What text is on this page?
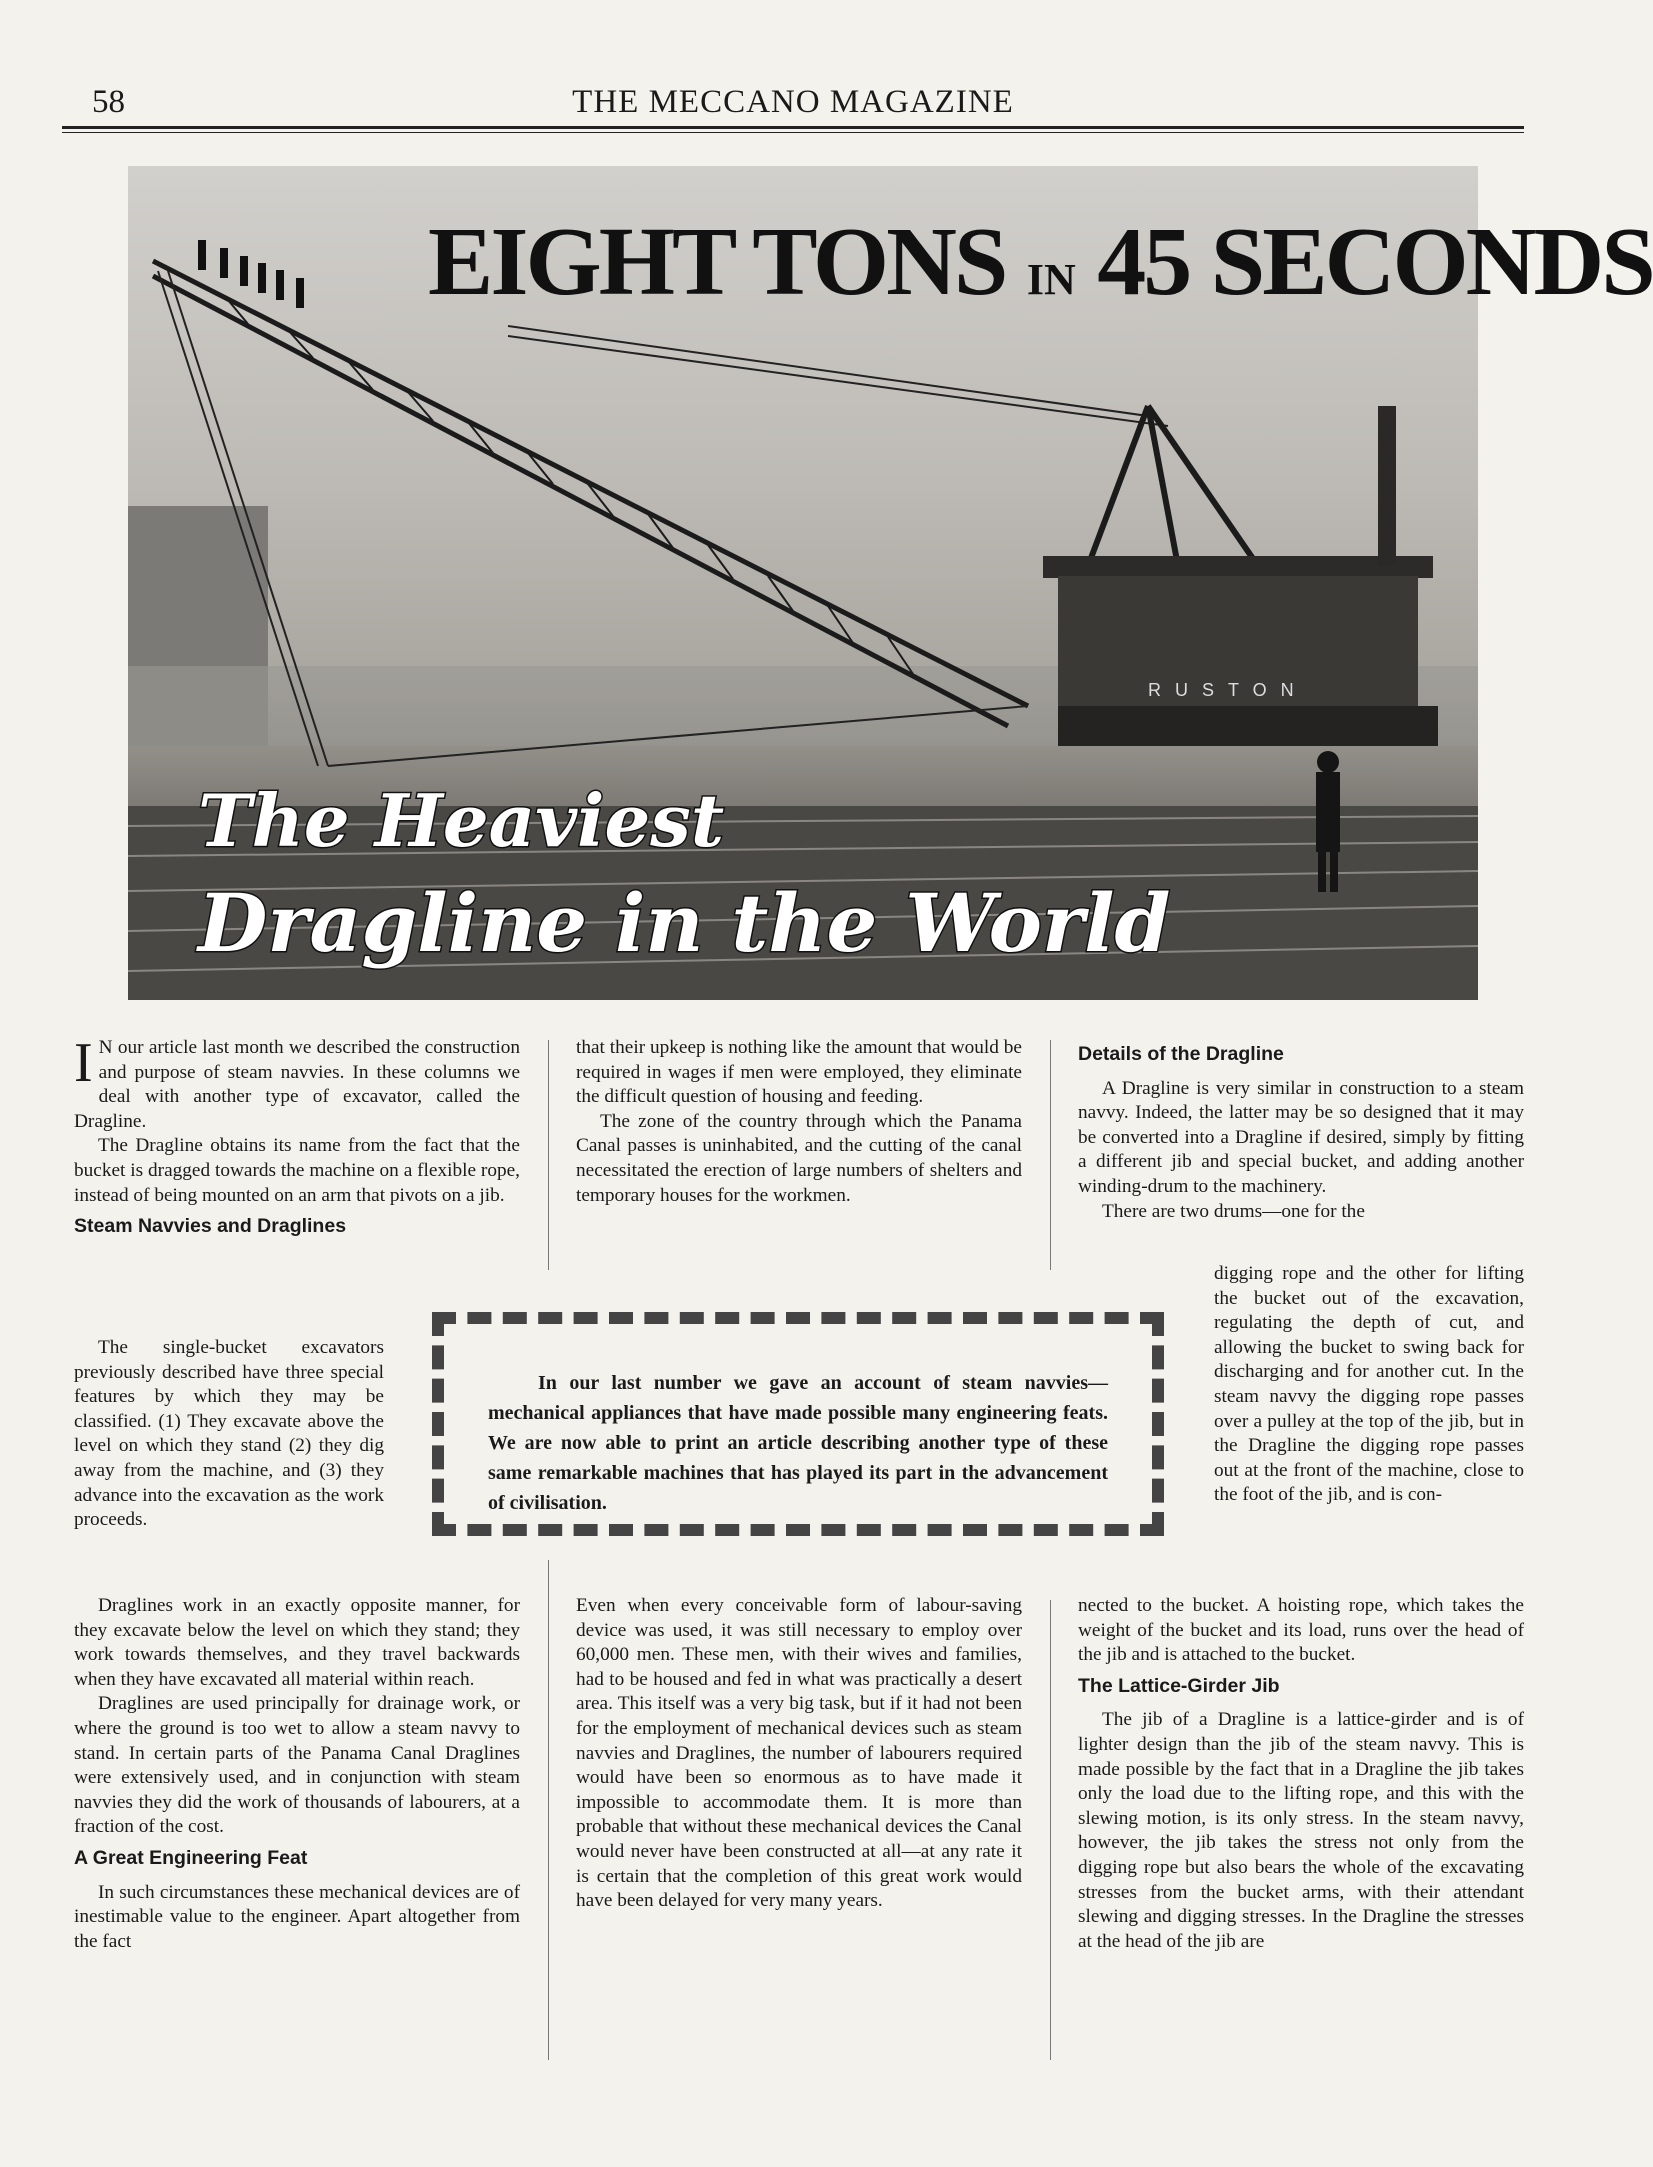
THE MECCANO MAGAZINE
58
RUSTON
EIGHT TONS IN 45 SECONDS
The Heaviest
Dragline in the World

I N our article last month we described the construction and purpose of steam navvies. In these columns we deal with another type of excavator, called the Dragline.

The Dragline obtains its name from the fact that the bucket is dragged towards the machine on a flexible rope, instead of being mounted on an arm that pivots on a jib.

Steam Navvies and Draglines

The single-bucket excavators previously described have three special features by which they may be classified. (1) They excavate above the level on which they stand (2) they dig away from the machine, and (3) they advance into the excavation as the work proceeds.

Draglines work in an exactly opposite manner, for they excavate below the level on which they stand; they work towards themselves, and they travel backwards when they have excavated all material within reach.

Draglines are used principally for drainage work, or where the ground is too wet to allow a steam navvy to stand. In certain parts of the Panama Canal Draglines were extensively used, and in conjunction with steam navvies they did the work of thousands of labourers, at a fraction of the cost.

A Great Engineering Feat

In such circumstances these mechanical devices are of inestimable value to the engineer. Apart altogether from the fact

that their upkeep is nothing like the amount that would be required in wages if men were employed, they eliminate the difficult question of housing and feeding.

The zone of the country through which the Panama Canal passes is uninhabited, and the cutting of the canal necessitated the erection of large numbers of shelters and temporary houses for the workmen.

Even when every conceivable form of labour-saving device was used, it was still necessary to employ over 60,000 men. These men, with their wives and families, had to be housed and fed in what was practically a desert area. This itself was a very big task, but if it had not been for the employment of mechanical devices such as steam navvies and Draglines, the number of labourers required would have been so enormous as to have made it impossible to accommodate them. It is more than probable that without these mechanical devices the Canal would never have been constructed at all—at any rate it is certain that the completion of this great work would have been delayed for very many years.

In our last number we gave an account of steam navvies—mechanical appliances that have made possible many engineering feats. We are now able to print an article describing another type of these same remarkable machines that has played its part in the advancement of civilisation.
Details of the Dragline

A Dragline is very similar in construction to a steam navvy. Indeed, the latter may be so designed that it may be converted into a Dragline if desired, simply by fitting a different jib and special bucket, and adding another winding-drum to the machinery.

There are two drums—one for the

digging rope and the other for lifting the bucket out of the excavation, regulating the depth of cut, and allowing the bucket to swing back for discharging and for another cut. In the steam navvy the digging rope passes over a pulley at the top of the jib, but in the Dragline the digging rope passes out at the front of the machine, close to the foot of the jib, and is con-

nected to the bucket. A hoisting rope, which takes the weight of the bucket and its load, runs over the head of the jib and is attached to the bucket.

The Lattice-Girder Jib

The jib of a Dragline is a lattice-girder and is of lighter design than the jib of the steam navvy. This is made possible by the fact that in a Dragline the jib takes only the load due to the lifting rope, and this with the slewing motion, is its only stress. In the steam navvy, however, the jib takes the stress not only from the digging rope but also bears the whole of the excavating stresses from the bucket arms, with their attendant slewing and digging stresses. In the Dragline the stresses at the head of the jib are
